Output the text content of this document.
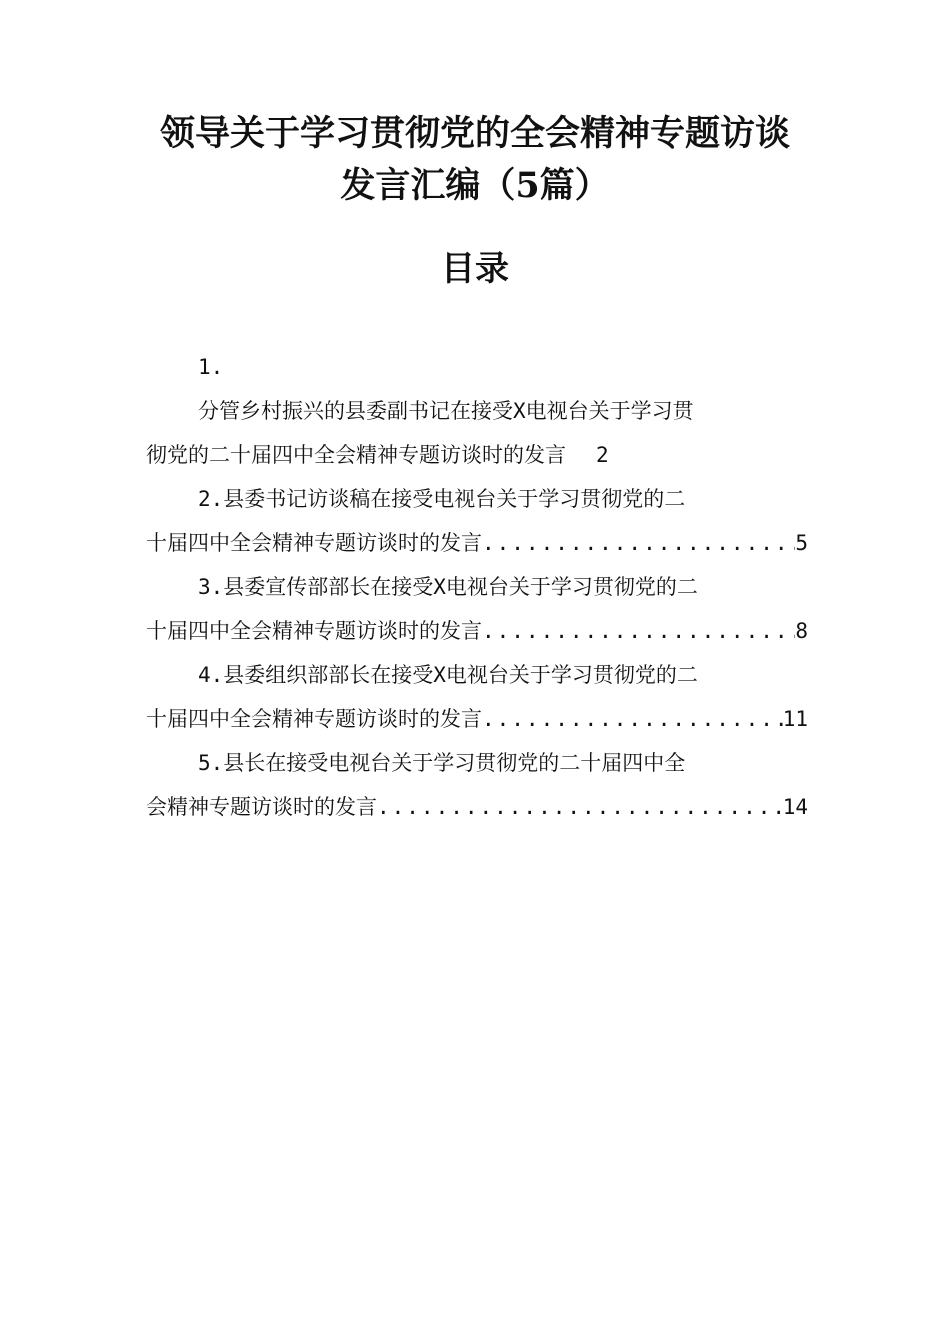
领导关于学习贯彻党的全会精神专题访谈
发言汇编（5篇）
目录
1.
分管乡村振兴的县委副书记在接受X电视台关于学习贯
彻党的二十届四中全会精神专题访谈时的发言 2
2.县委书记访谈稿在接受电视台关于学习贯彻党的二
十届四中全会精神专题访谈时的发言 .....	5
3.县委宣传部部长在接受X电视台关于学习贯彻党的二
十届四中全会精神专题访谈时的发言 .....	8
4.县委组织部部长在接受X电视台关于学习贯彻党的二
十届四中全会精神专题访谈时的发言 .....	11
5.县长在接受电视台关于学习贯彻党的二十届四中全
会精神专题访谈时的发言 .....	14
